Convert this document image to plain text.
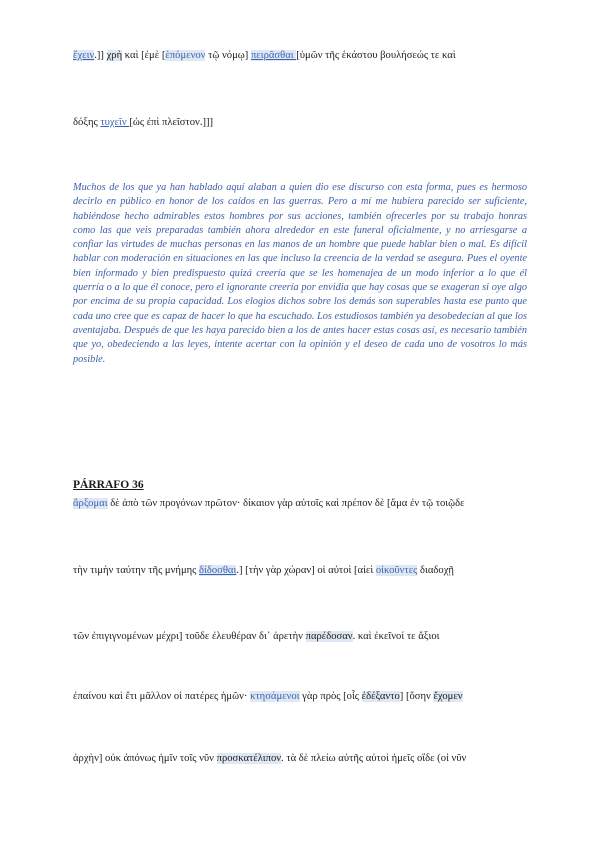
ἔχειν.]] χρὴ καὶ [ἐμὲ [ἑπόμενον τῷ νόμῳ] πειρᾶσθαι [ὑμῶν τῆς ἑκάστου βουλήσεώς τε καὶ
δόξης τυχεῖν [ὡς ἐπὶ πλεῖστον.]]]

Muchos de los que ya han hablado aquí alaban a quien dio ese discurso con esta forma, pues es hermoso decirlo en público en honor de los caídos en las guerras. Pero a mí me hubiera parecido ser suficiente, habiéndose hecho admirables estos hombres por sus acciones, también ofrecerles por su trabajo honras como las que veis preparadas también ahora alrededor en este funeral oficialmente, y no arriesgarse a confiar las virtudes de muchas personas en las manos de un hombre que puede hablar bien o mal. Es difícil hablar con moderación en situaciones en las que incluso la creencia de la verdad se asegura. Pues el oyente bien informado y bien predispuesto quizá creería que se les homenajea de un modo inferior a lo que él querría o a lo que él conoce, pero el ignorante creería por envidia que hay cosas que se exageran si oye algo por encima de su propia capacidad. Los elogios dichos sobre los demás son superables hasta ese punto que cada uno cree que es capaz de hacer lo que ha escuchado. Los estudiosos también ya desobedecían al que los aventajaba. Después de que les haya parecido bien a los de antes hacer estas cosas así, es necesario también que yo, obedeciendo a las leyes, intente acertar con la opinión y el deseo de cada uno de vosotros lo más posible.

PÁRRAFO 36
ἄρξομαι δὲ ἀπὸ τῶν προγόνων πρῶτον· δίκαιον γὰρ αὐτοῖς καὶ πρέπον δὲ [ἅμα ἐν τῷ τοιῷδε
τὴν τιμὴν ταύτην τῆς μνήμης δίδοσθαι.] [τὴν γὰρ χώραν] οἱ αὐτοὶ [αἰεὶ οἰκοῦντες διαδοχῇ
τῶν ἐπιγιγνομένων μέχρι] τοῦδε ἐλευθέραν δι᾽ ἀρετὴν παρέδοσαν. καὶ ἐκεῖνοί τε ἄξιοι
ἐπαίνου καὶ ἔτι μᾶλλον οἱ πατέρες ἡμῶν· κτησάμενοι γὰρ πρὸς [οἷς ἐδέξαντο] [ὅσην ἔχομεν
ἀρχὴν] οὐκ ἀπόνως ἡμῖν τοῖς νῦν προσκατέλιπον. τὰ δὲ πλείω αὐτῆς αὐτοὶ ἡμεῖς οἵδε (οἱ νῦν
